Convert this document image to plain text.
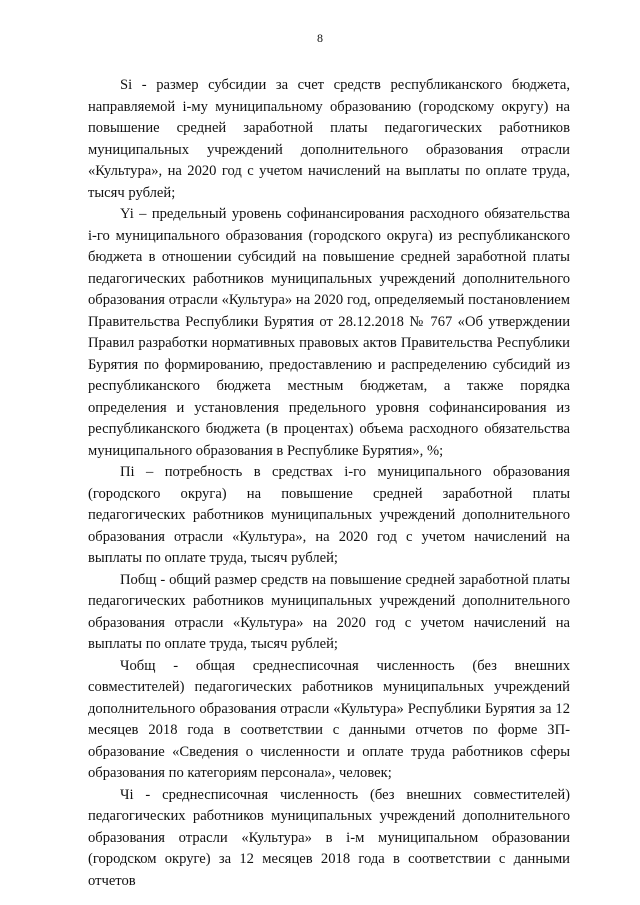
8

Si - размер субсидии за счет средств республиканского бюджета, направляемой i-му муниципальному образованию (городскому округу) на повышение средней заработной платы педагогических работников муниципальных учреждений дополнительного образования отрасли «Культура», на 2020 год с учетом начислений на выплаты по оплате труда, тысяч рублей;

Yi – предельный уровень софинансирования расходного обязательства i-го муниципального образования (городского округа) из республиканского бюджета в отношении субсидий на повышение средней заработной платы педагогических работников муниципальных учреждений дополнительного образования отрасли «Культура» на 2020 год, определяемый постановлением Правительства Республики Бурятия от 28.12.2018 № 767 «Об утверждении Правил разработки нормативных правовых актов Правительства Республики Бурятия по формированию, предоставлению и распределению субсидий из республиканского бюджета местным бюджетам, а также порядка определения и установления предельного уровня софинансирования из республиканского бюджета (в процентах) объема расходного обязательства муниципального образования в Республике Бурятия», %;

Пi – потребность в средствах i-го муниципального образования (городского округа) на повышение средней заработной платы педагогических работников муниципальных учреждений дополнительного образования отрасли «Культура», на 2020 год с учетом начислений на выплаты по оплате труда, тысяч рублей;

Побщ - общий размер средств на повышение средней заработной платы педагогических работников муниципальных учреждений дополнительного образования отрасли «Культура» на 2020 год с учетом начислений на выплаты по оплате труда, тысяч рублей;

Чобщ - общая среднесписочная численность (без внешних совместителей) педагогических работников муниципальных учреждений дополнительного образования отрасли «Культура» Республики Бурятия за 12 месяцев 2018 года в соответствии с данными отчетов по форме ЗП-образование «Сведения о численности и оплате труда работников сферы образования по категориям персонала», человек;

Чi - среднесписочная численность (без внешних совместителей) педагогических работников муниципальных учреждений дополнительного образования отрасли «Культура» в i-м муниципальном образовании (городском округе) за 12 месяцев 2018 года в соответствии с данными отчетов
